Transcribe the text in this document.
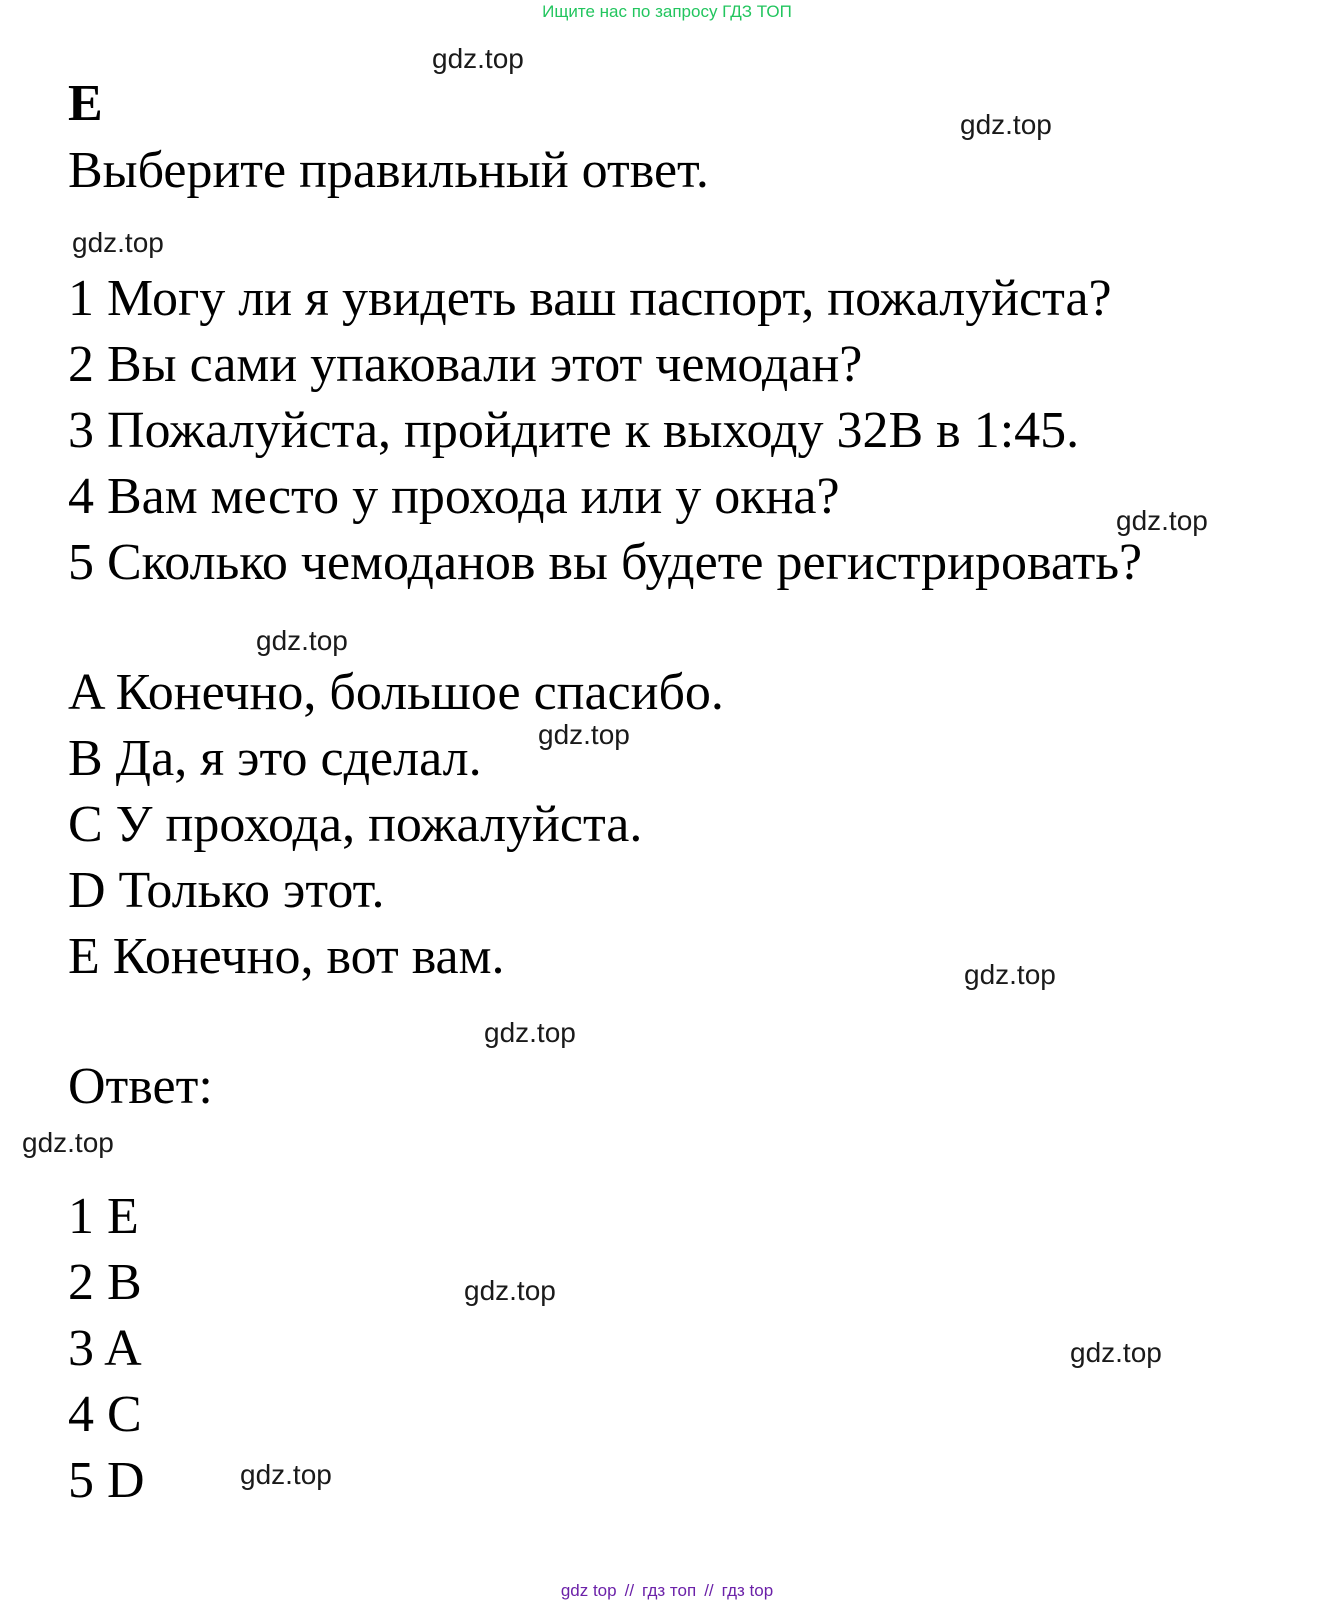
Ищите нас по запросу ГДЗ ТОП
gdz.top
gdz.top
gdz.top
gdz.top
gdz.top
gdz.top
gdz.top
gdz.top
gdz.top
gdz.top
gdz.top
gdz.top
E
Выберите правильный ответ.
1 Могу ли я увидеть ваш паспорт, пожалуйста?
2 Вы сами упаковали этот чемодан?
3 Пожалуйста, пройдите к выходу 32B в 1:45.
4 Вам место у прохода или у окна?
5 Сколько чемоданов вы будете регистрировать?
A Конечно, большое спасибо.
B Да, я это сделал.
C У прохода, пожалуйста.
D Только этот.
E Конечно, вот вам.
Ответ:
1 E
2 B
3 A
4 C
5 D
gdz top // гдз топ // гдз top
